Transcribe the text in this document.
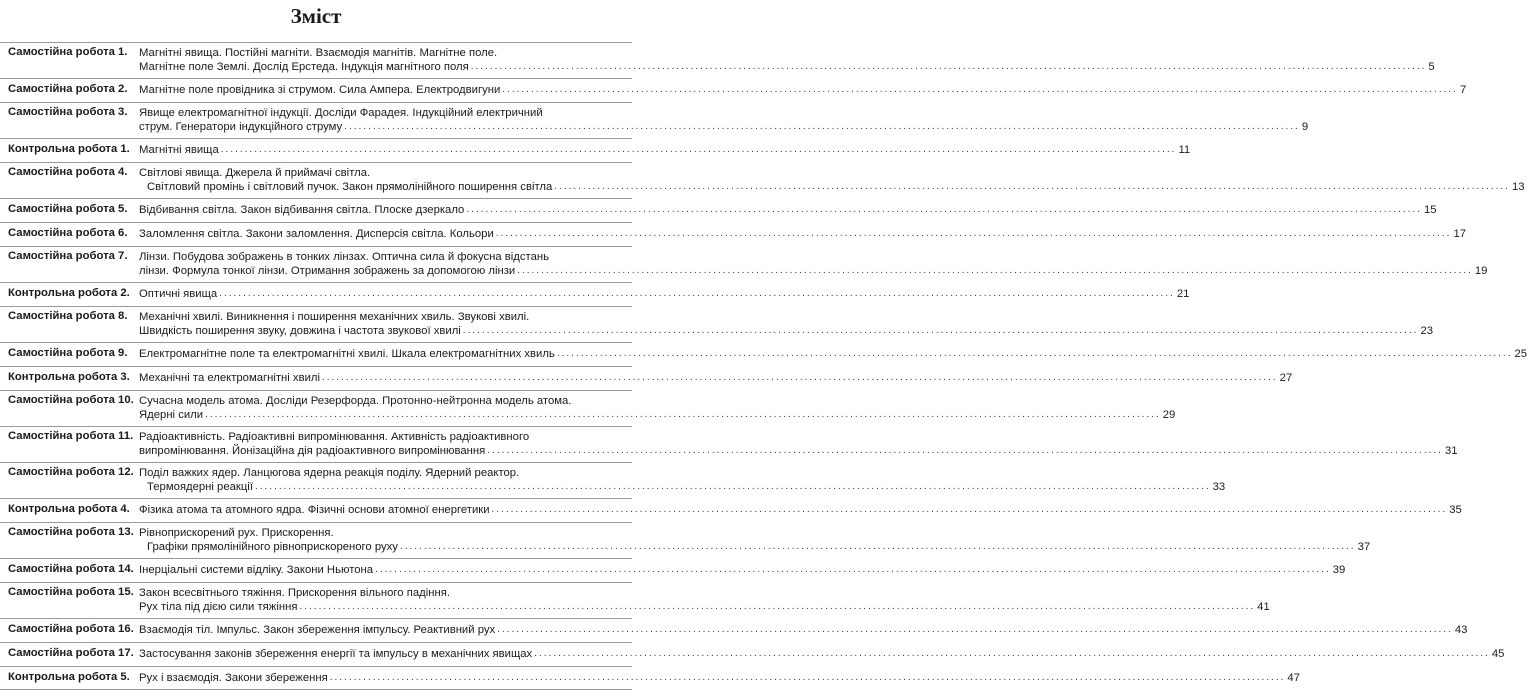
Зміст
Самостійна робота 1. Магнітні явища. Постійні магніти. Взаємодія магнітів. Магнітне поле.
Магнітне поле Землі. Дослід Ерстеда. Індукція магнітного поля ........................................................................................................................................................................................................ 5
Самостійна робота 2. Магнітне поле провідника зі струмом. Сила Ампера. Електродвигуни ........................................................................................................................................................................................................ 7
Самостійна робота 3. Явище електромагнітної індукції. Досліди Фарадея. Індукційний електричний
струм. Генератори індукційного струму ........................................................................................................................................................................................................ 9
Контрольна робота 1. Магнітні явища ........................................................................................................................................................................................................ 11
Самостійна робота 4. Світлові явища. Джерела й приймачі світла.
Світловий промінь і світловий пучок. Закон прямолінійного поширення світла ........................................................................................................................................................................................................ 13
Самостійна робота 5. Відбивання світла. Закон відбивання світла. Плоске дзеркало ........................................................................................................................................................................................................ 15
Самостійна робота 6. Заломлення світла. Закони заломлення. Дисперсія світла. Кольори ........................................................................................................................................................................................................ 17
Самостійна робота 7. Лінзи. Побудова зображень в тонких лінзах. Оптична сила й фокусна відстань
лінзи. Формула тонкої лінзи. Отримання зображень за допомогою лінзи ........................................................................................................................................................................................................ 19
Контрольна робота 2. Оптичні явища ........................................................................................................................................................................................................ 21
Самостійна робота 8. Механічні хвилі. Виникнення і поширення механічних хвиль. Звукові хвилі.
Швидкість поширення звуку, довжина і частота звукової хвилі ........................................................................................................................................................................................................ 23
Самостійна робота 9. Електромагнітне поле та електромагнітні хвилі. Шкала електромагнітних хвиль ........................................................................................................................................................................................................ 25
Контрольна робота 3. Механічні та електромагнітні хвилі ........................................................................................................................................................................................................ 27
Самостійна робота 10. Сучасна модель атома. Досліди Резерфорда. Протонно-нейтронна модель атома.
Ядерні сили ........................................................................................................................................................................................................ 29
Самостійна робота 11. Радіоактивність. Радіоактивні випромінювання. Активність радіоактивного
випромінювання. Йонізаційна дія радіоактивного випромінювання ........................................................................................................................................................................................................ 31
Самостійна робота 12. Поділ важких ядер. Ланцюгова ядерна реакція поділу. Ядерний реактор.
Термоядерні реакції ........................................................................................................................................................................................................ 33
Контрольна робота 4. Фізика атома та атомного ядра. Фізичні основи атомної енергетики ........................................................................................................................................................................................................ 35
Самостійна робота 13. Рівноприскорений рух. Прискорення.
Графіки прямолінійного рівноприскореного руху ........................................................................................................................................................................................................ 37
Самостійна робота 14. Інерціальні системи відліку. Закони Ньютона ........................................................................................................................................................................................................ 39
Самостійна робота 15. Закон всесвітнього тяжіння. Прискорення вільного падіння.
Рух тіла під дією сили тяжіння ........................................................................................................................................................................................................ 41
Самостійна робота 16. Взаємодія тіл. Імпульс. Закон збереження імпульсу. Реактивний рух ........................................................................................................................................................................................................ 43
Самостійна робота 17. Застосування законів збереження енергії та імпульсу в механічних явищах ........................................................................................................................................................................................................ 45
Контрольна робота 5. Рух і взаємодія. Закони збереження ........................................................................................................................................................................................................ 47
